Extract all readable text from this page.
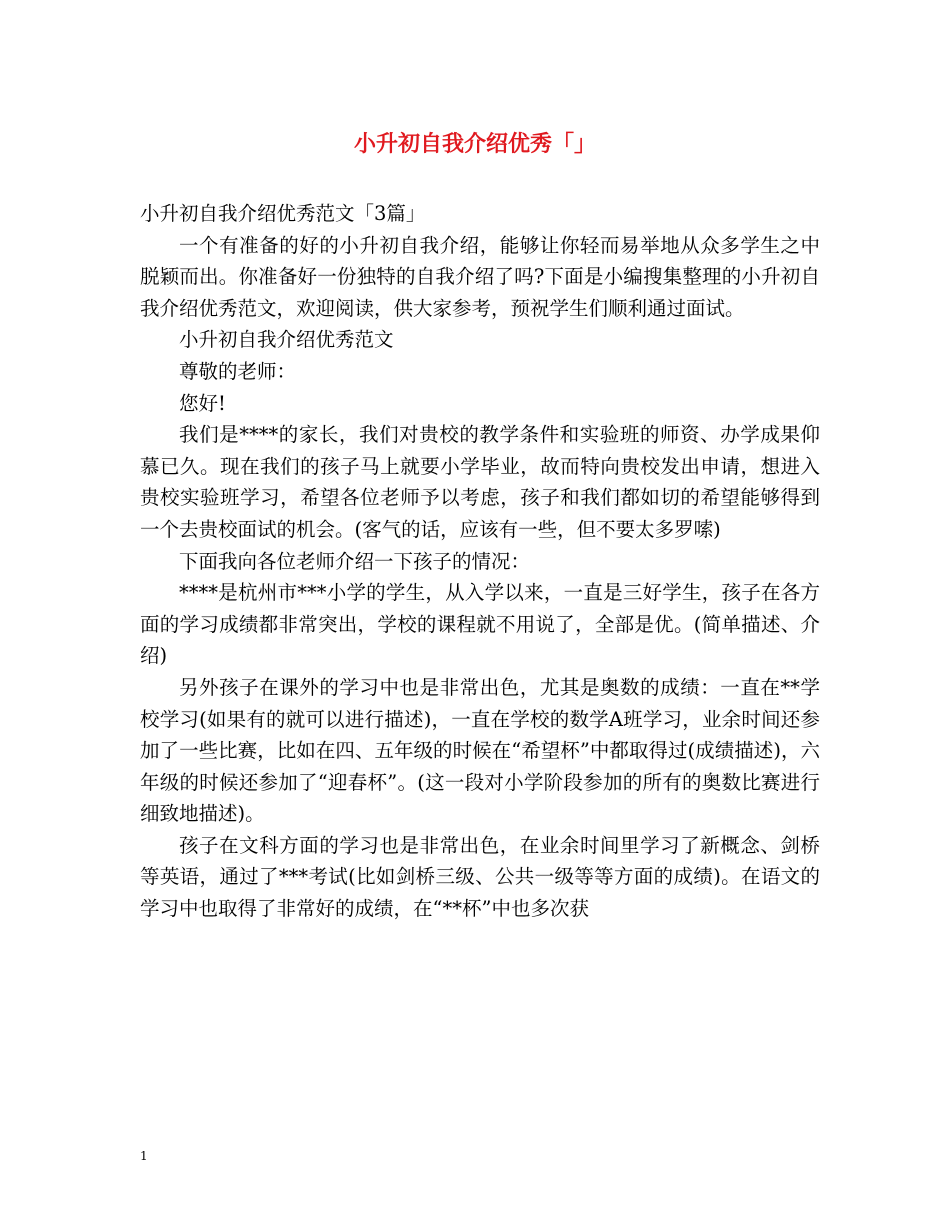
小升初自我介绍优秀「」

小升初自我介绍优秀范文「3篇」

一个有准备的好的小升初自我介绍，能够让你轻而易举地从众多学生之中脱颖而出。你准备好一份独特的自我介绍了吗?下面是小编搜集整理的小升初自我介绍优秀范文，欢迎阅读，供大家参考，预祝学生们顺利通过面试。

小升初自我介绍优秀范文

尊敬的老师：

您好!

我们是****的家长，我们对贵校的教学条件和实验班的师资、办学成果仰慕已久。现在我们的孩子马上就要小学毕业，故而特向贵校发出申请，想进入贵校实验班学习，希望各位老师予以考虑，孩子和我们都如切的希望能够得到一个去贵校面试的机会。(客气的话，应该有一些，但不要太多罗嗦)

下面我向各位老师介绍一下孩子的情况：

****是杭州市***小学的学生，从入学以来，一直是三好学生，孩子在各方面的学习成绩都非常突出，学校的课程就不用说了，全部是优。(简单描述、介绍)

另外孩子在课外的学习中也是非常出色，尤其是奥数的成绩：一直在**学校学习(如果有的就可以进行描述)，一直在学校的数学A班学习，业余时间还参加了一些比赛，比如在四、五年级的时候在“希望杯”中都取得过(成绩描述)，六年级的时候还参加了“迎春杯”。(这一段对小学阶段参加的所有的奥数比赛进行细致地描述)。

孩子在文科方面的学习也是非常出色，在业余时间里学习了新概念、剑桥等英语，通过了***考试(比如剑桥三级、公共一级等等方面的成绩)。在语文的学习中也取得了非常好的成绩，在“**杯”中也多次获

1
